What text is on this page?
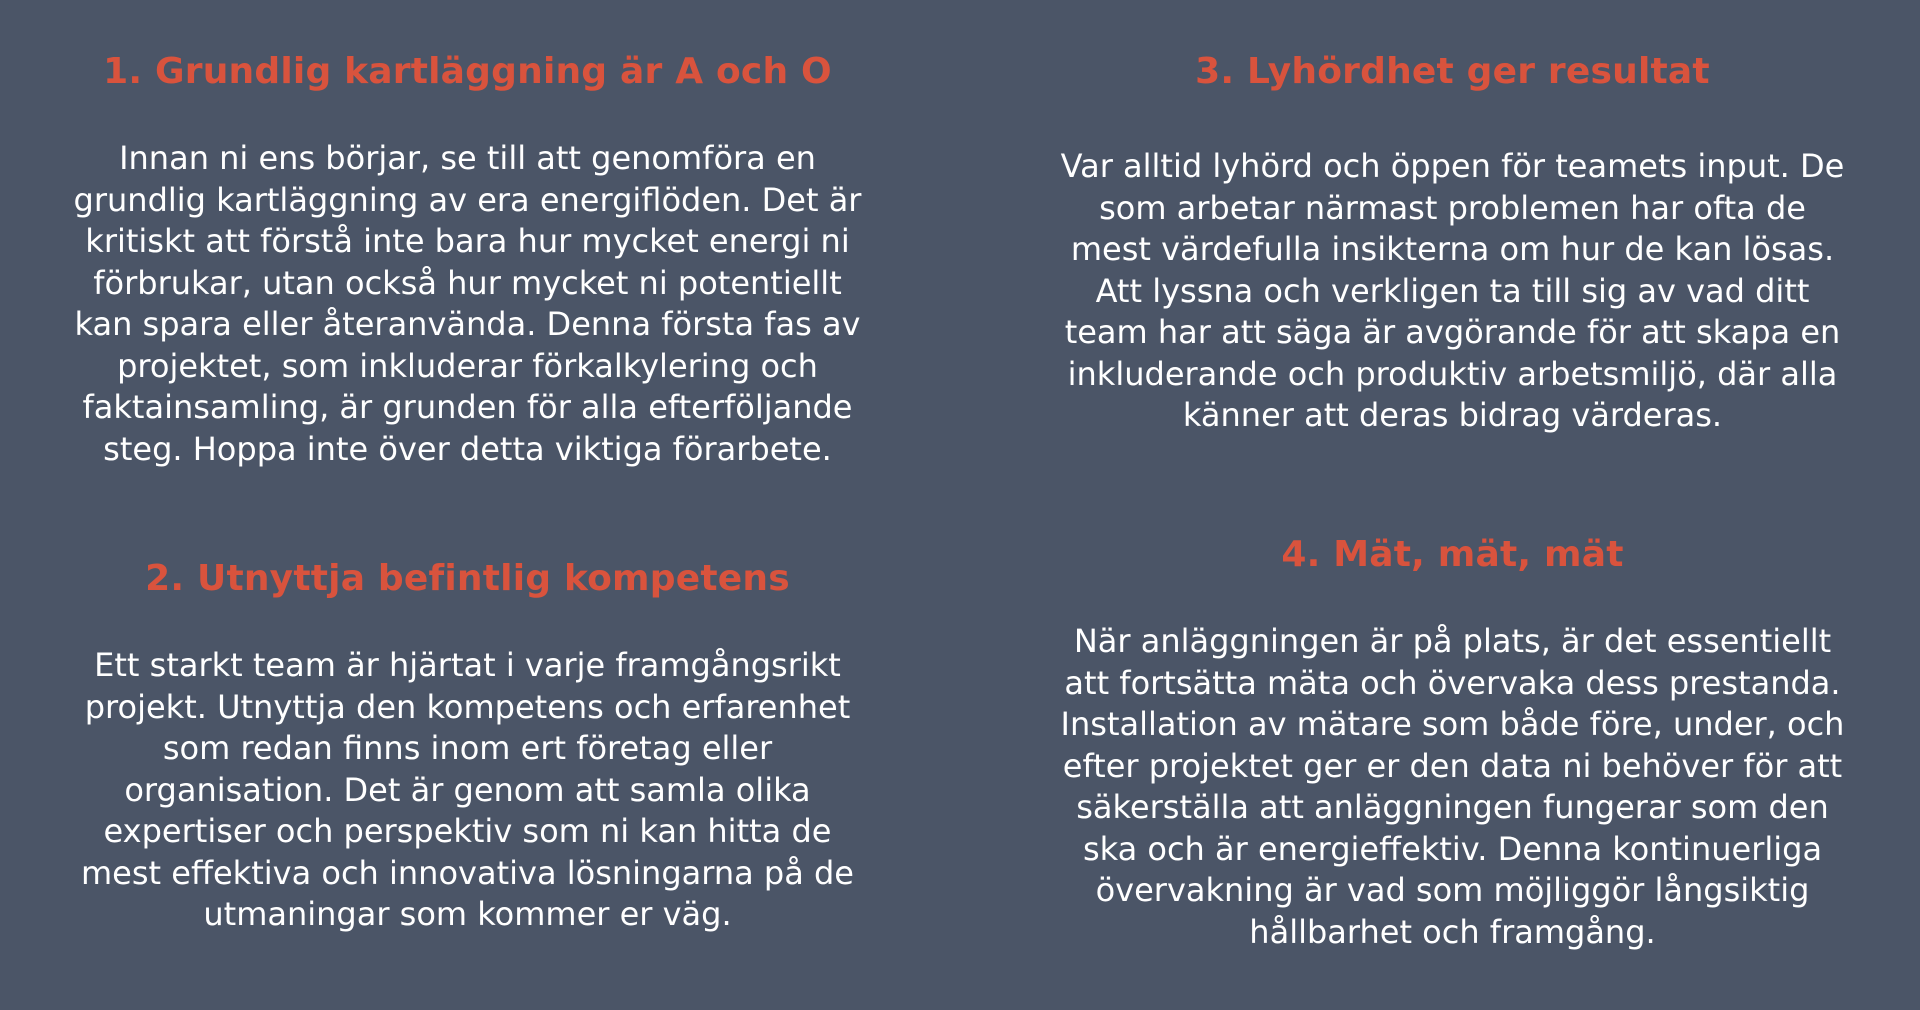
1. Grundlig kartläggning är A och O

Innan ni ens börjar, se till att genomföra en grundlig kartläggning av era energiflöden. Det är kritiskt att förstå inte bara hur mycket energi ni förbrukar, utan också hur mycket ni potentiellt kan spara eller återanvända. Denna första fas av projektet, som inkluderar förkalkylering och faktainsamling, är grunden för alla efterföljande steg. Hoppa inte över detta viktiga förarbete.

2. Utnyttja befintlig kompetens

Ett starkt team är hjärtat i varje framgångsrikt projekt. Utnyttja den kompetens och erfarenhet som redan finns inom ert företag eller organisation. Det är genom att samla olika expertiser och perspektiv som ni kan hitta de mest effektiva och innovativa lösningarna på de utmaningar som kommer er väg.

3. Lyhördhet ger resultat

Var alltid lyhörd och öppen för teamets input. De som arbetar närmast problemen har ofta de mest värdefulla insikterna om hur de kan lösas. Att lyssna och verkligen ta till sig av vad ditt team har att säga är avgörande för att skapa en inkluderande och produktiv arbetsmiljö, där alla känner att deras bidrag värderas.

4. Mät, mät, mät

När anläggningen är på plats, är det essentiellt att fortsätta mäta och övervaka dess prestanda. Installation av mätare som både före, under, och efter projektet ger er den data ni behöver för att säkerställa att anläggningen fungerar som den ska och är energieffektiv. Denna kontinuerliga övervakning är vad som möjliggör långsiktig hållbarhet och framgång.
